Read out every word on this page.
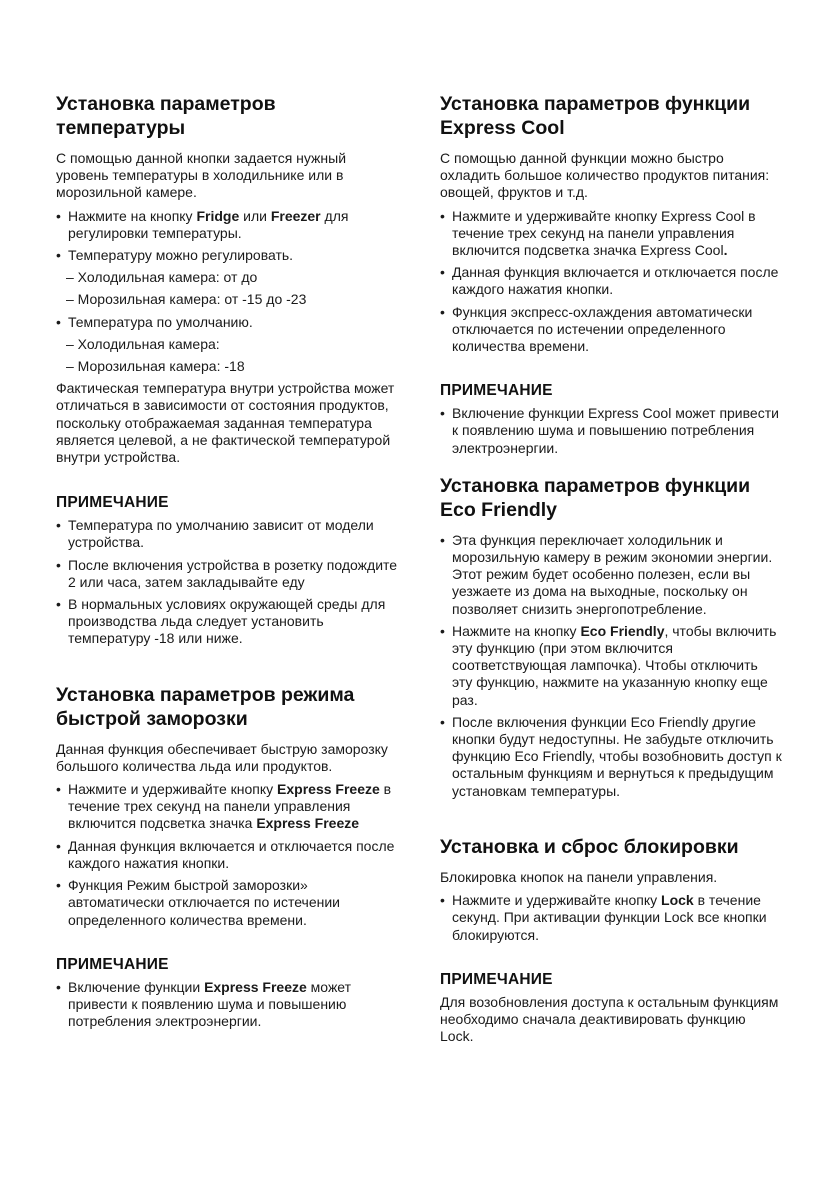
Установка параметров температуры

С помощью данной кнопки задается нужный уровень температуры в холодильнике или в морозильной камере.

• Нажмите на кнопку Fridge или Freezer для регулировки температуры.
• Температуру можно регулировать.
– Холодильная камера: от до
– Морозильная камера: от -15 до -23
• Температура по умолчанию.
– Холодильная камера:
– Морозильная камера: -18

Фактическая температура внутри устройства может отличаться в зависимости от состояния продуктов, поскольку отображаемая заданная температура является целевой, а не фактической температурой внутри устройства.

ПРИМЕЧАНИЕ
• Температура по умолчанию зависит от модели устройства.
• После включения устройства в розетку подождите 2 или часа, затем закладывайте еду
• В нормальных условиях окружающей среды для производства льда следует установить температуру -18 или ниже.
Установка параметров режима быстрой заморозки

Данная функция обеспечивает быструю заморозку большого количества льда или продуктов.

• Нажмите и удерживайте кнопку Express Freeze в течение трех секунд на панели управления включится подсветка значка Express Freeze
• Данная функция включается и отключается после каждого нажатия кнопки.
• Функция Режим быстрой заморозки» автоматически отключается по истечении определенного количества времени.
ПРИМЕЧАНИЕ
• Включение функции Express Freeze может привести к появлению шума и повышению потребления электроэнергии.
Установка параметров функции Express Cool

С помощью данной функции можно быстро охладить большое количество продуктов питания: овощей, фруктов и т.д.

• Нажмите и удерживайте кнопку Express Cool в течение трех секунд на панели управления включится подсветка значка Express Cool.
• Данная функция включается и отключается после каждого нажатия кнопки.
• Функция экспресс-охлаждения автоматически отключается по истечении определенного количества времени.
ПРИМЕЧАНИЕ
• Включение функции Express Cool может привести к появлению шума и повышению потребления электроэнергии.
Установка параметров функции Eco Friendly
• Эта функция переключает холодильник и морозильную камеру в режим экономии энергии. Этот режим будет особенно полезен, если вы уезжаете из дома на выходные, поскольку он позволяет снизить энергопотребление.
• Нажмите на кнопку Eco Friendly, чтобы включить эту функцию (при этом включится соответствующая лампочка). Чтобы отключить эту функцию, нажмите на указанную кнопку еще раз.
• После включения функции Eco Friendly другие кнопки будут недоступны. Не забудьте отключить функцию Eco Friendly, чтобы возобновить доступ к остальным функциям и вернуться к предыдущим установкам температуры.
Установка и сброс блокировки

Блокировка кнопок на панели управления.

• Нажмите и удерживайте кнопку Lock в течение секунд. При активации функции Lock все кнопки блокируются.
ПРИМЕЧАНИЕ

Для возобновления доступа к остальным функциям необходимо сначала деактивировать функцию Lock.
